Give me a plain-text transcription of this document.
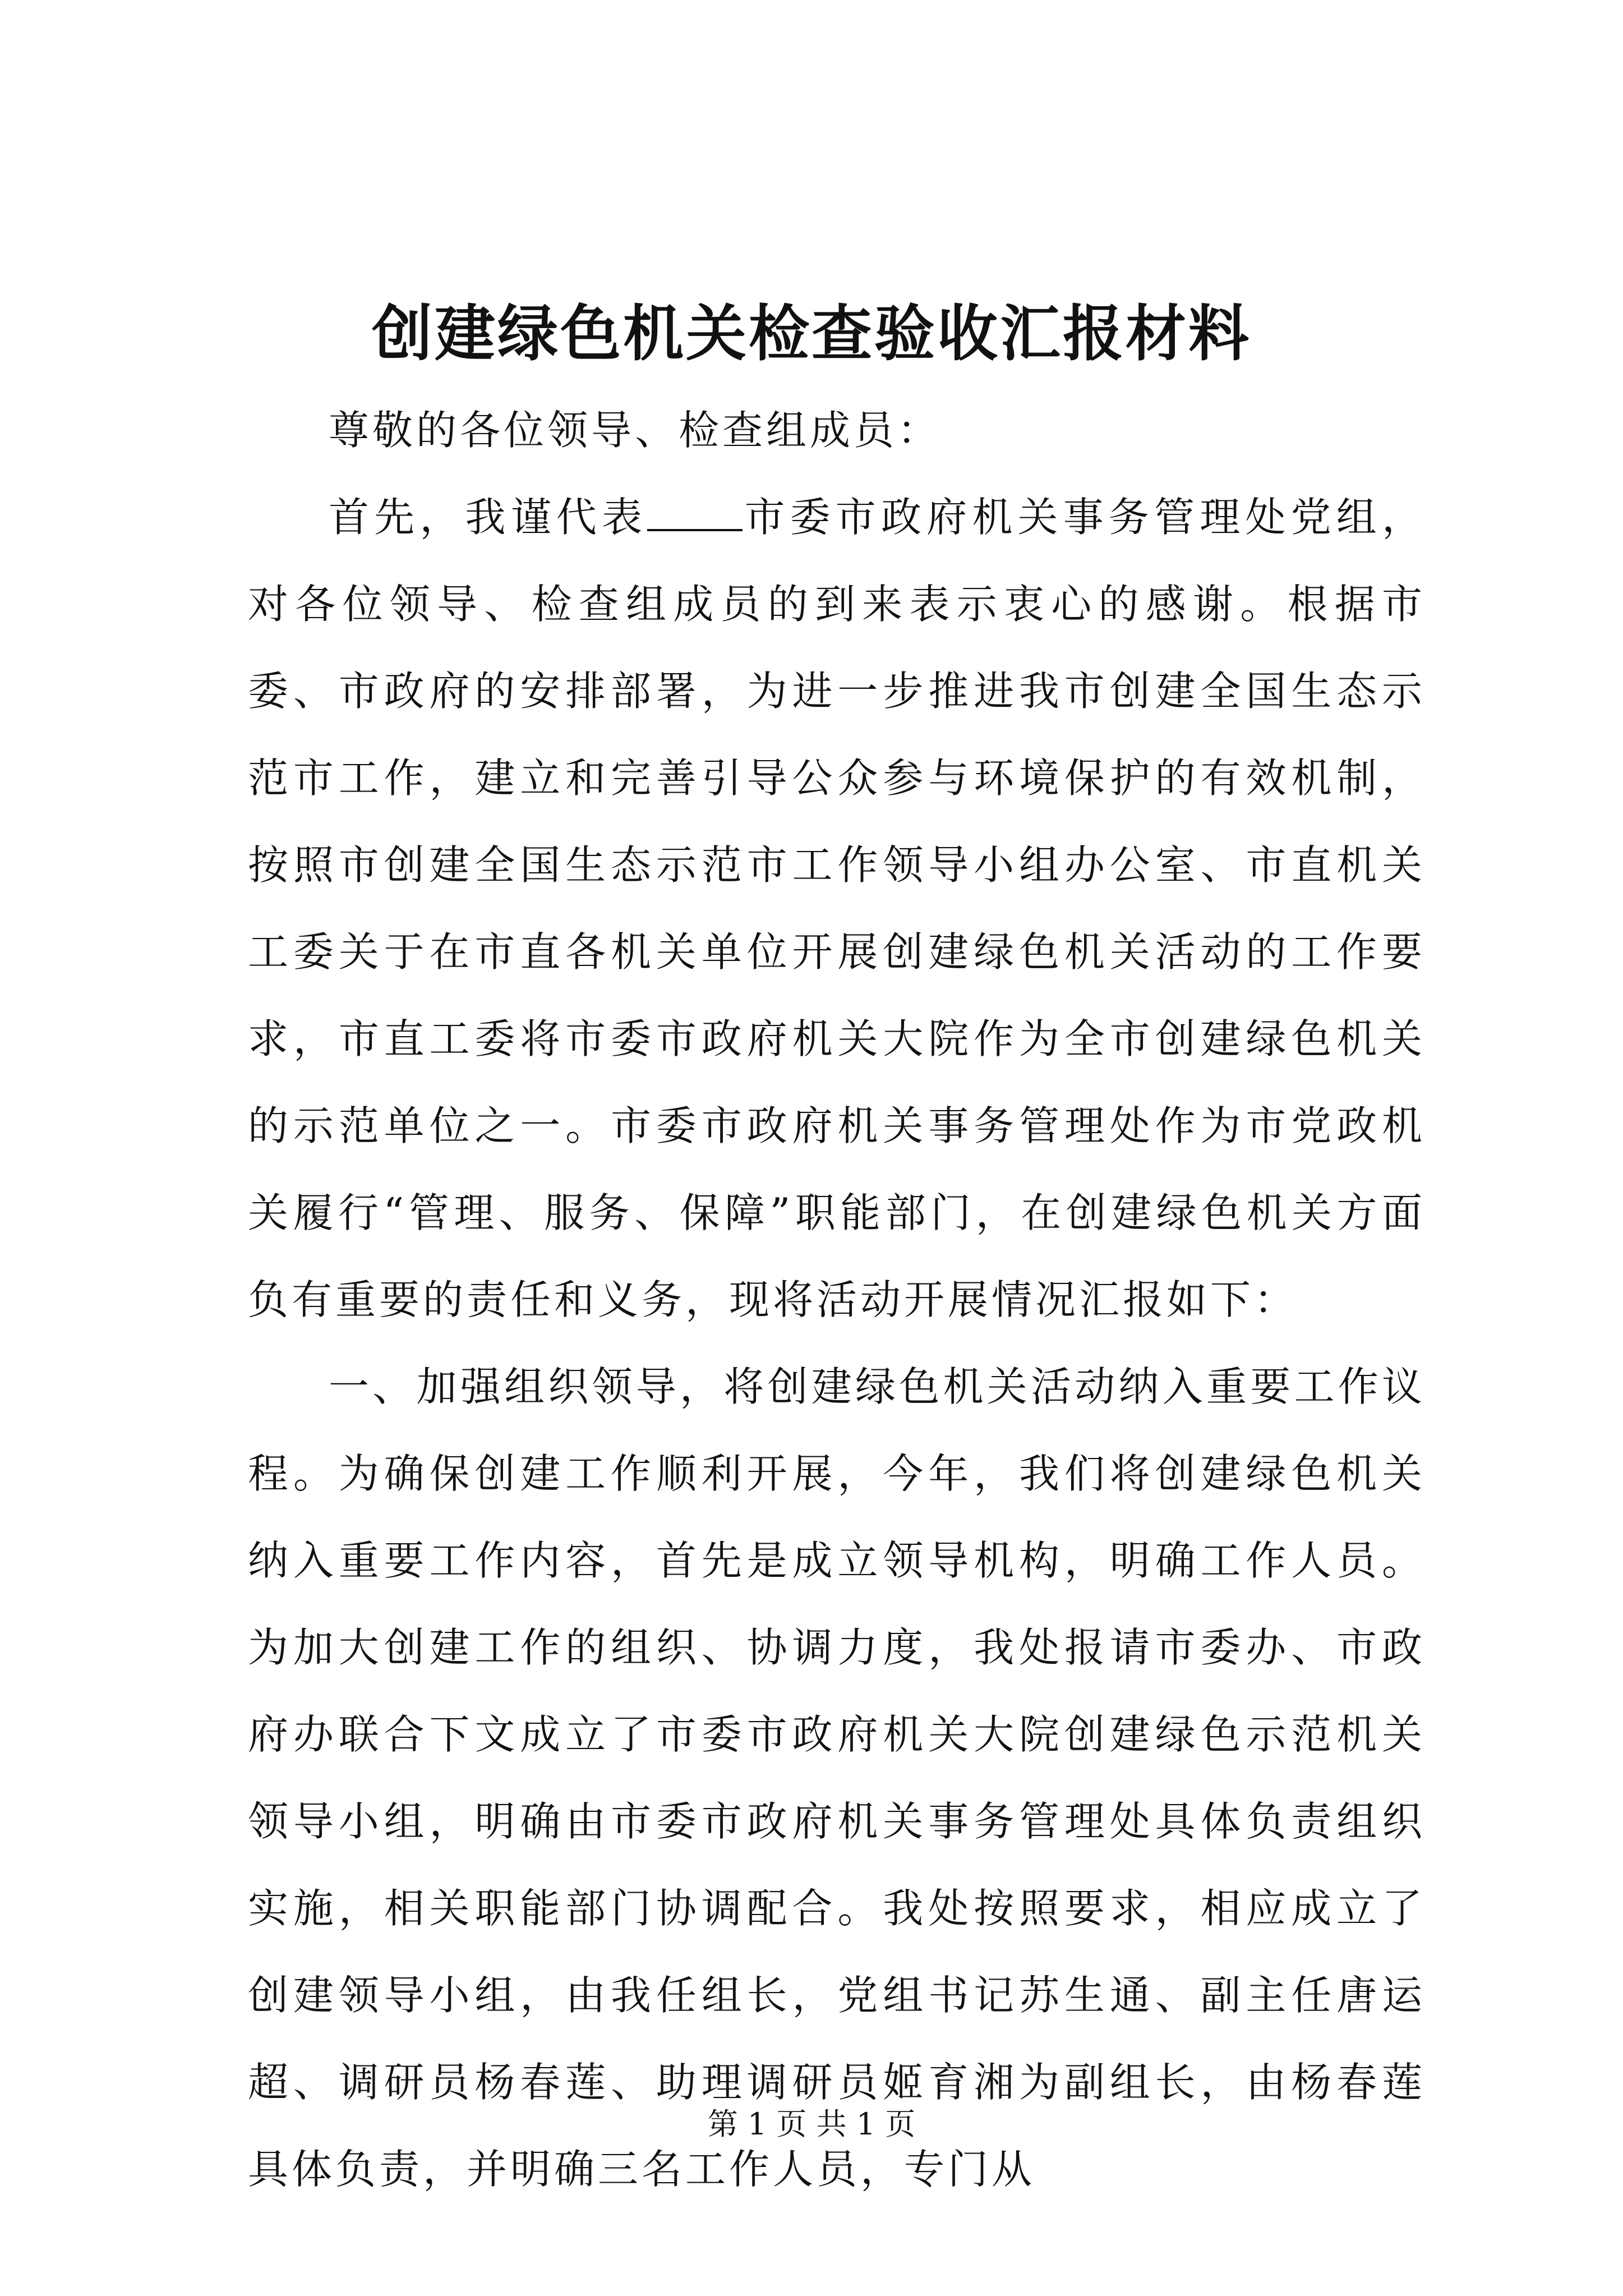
创建绿色机关检查验收汇报材料

尊敬的各位领导、检查组成员：

首先，我谨代表 市委市政府机关事务管理处党组，对各位领导、检查组成员的到来表示衷心的感谢。根据市委、市政府的安排部署，为进一步推进我市创建全国生态示范市工作，建立和完善引导公众参与环境保护的有效机制，按照市创建全国生态示范市工作领导小组办公室、市直机关工委关于在市直各机关单位开展创建绿色机关活动的工作要求，市直工委将市委市政府机关大院作为全市创建绿色机关的示范单位之一。市委市政府机关事务管理处作为市党政机关履行“管理、服务、保障”职能部门，在创建绿色机关方面负有重要的责任和义务，现将活动开展情况汇报如下：

一、加强组织领导，将创建绿色机关活动纳入重要工作议程。为确保创建工作顺利开展，今年，我们将创建绿色机关纳入重要工作内容，首先是成立领导机构，明确工作人员。为加大创建工作的组织、协调力度，我处报请市委办、市政府办联合下文成立了市委市政府机关大院创建绿色示范机关领导小组，明确由市委市政府机关事务管理处具体负责组织实施，相关职能部门协调配合。我处按照要求，相应成立了创建领导小组，由我任组长，党组书记苏生通、副主任唐运超、调研员杨春莲、助理调研员姬育湘为副组长，由杨春莲具体负责，并明确三名工作人员，专门从

第 1 页 共 1 页
